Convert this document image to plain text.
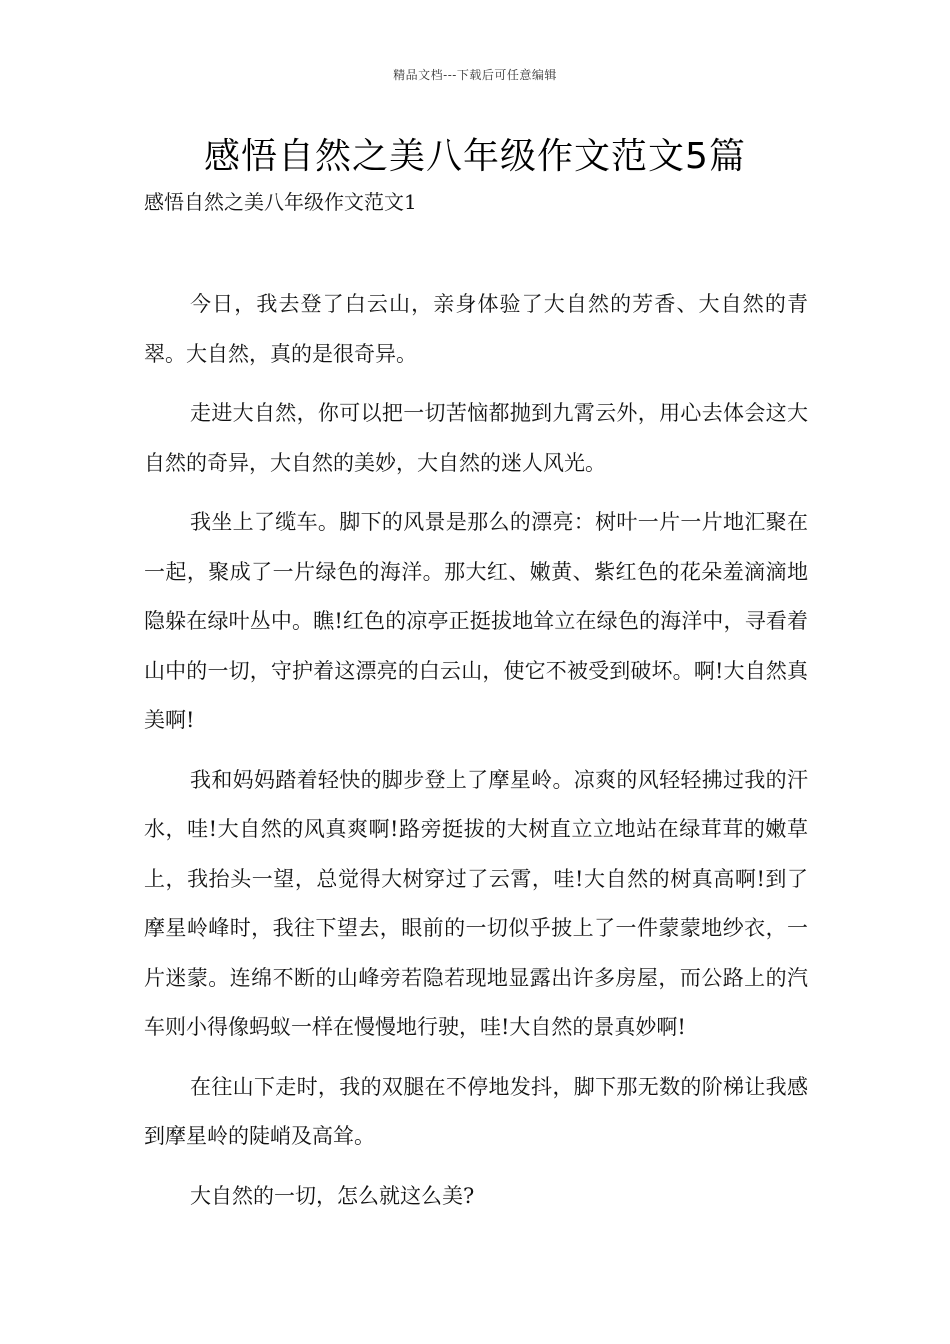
精品文档---下载后可任意编辑
感悟自然之美八年级作文范文5篇

感悟自然之美八年级作文范文1

今日，我去登了白云山，亲身体验了大自然的芳香、大自然的青翠。大自然，真的是很奇异。

走进大自然，你可以把一切苦恼都抛到九霄云外，用心去体会这大自然的奇异，大自然的美妙，大自然的迷人风光。

我坐上了缆车。脚下的风景是那么的漂亮：树叶一片一片地汇聚在一起，聚成了一片绿色的海洋。那大红、嫩黄、紫红色的花朵羞滴滴地隐躲在绿叶丛中。瞧!红色的凉亭正挺拔地耸立在绿色的海洋中，寻看着山中的一切，守护着这漂亮的白云山，使它不被受到破坏。啊!大自然真美啊!

我和妈妈踏着轻快的脚步登上了摩星岭。凉爽的风轻轻拂过我的汗水，哇!大自然的风真爽啊!路旁挺拔的大树直立立地站在绿茸茸的嫩草上，我抬头一望，总觉得大树穿过了云霄，哇!大自然的树真高啊!到了摩星岭峰时，我往下望去，眼前的一切似乎披上了一件蒙蒙地纱衣，一片迷蒙。连绵不断的山峰旁若隐若现地显露出许多房屋，而公路上的汽车则小得像蚂蚁一样在慢慢地行驶，哇!大自然的景真妙啊!

在往山下走时，我的双腿在不停地发抖，脚下那无数的阶梯让我感到摩星岭的陡峭及高耸。

大自然的一切，怎么就这么美?
